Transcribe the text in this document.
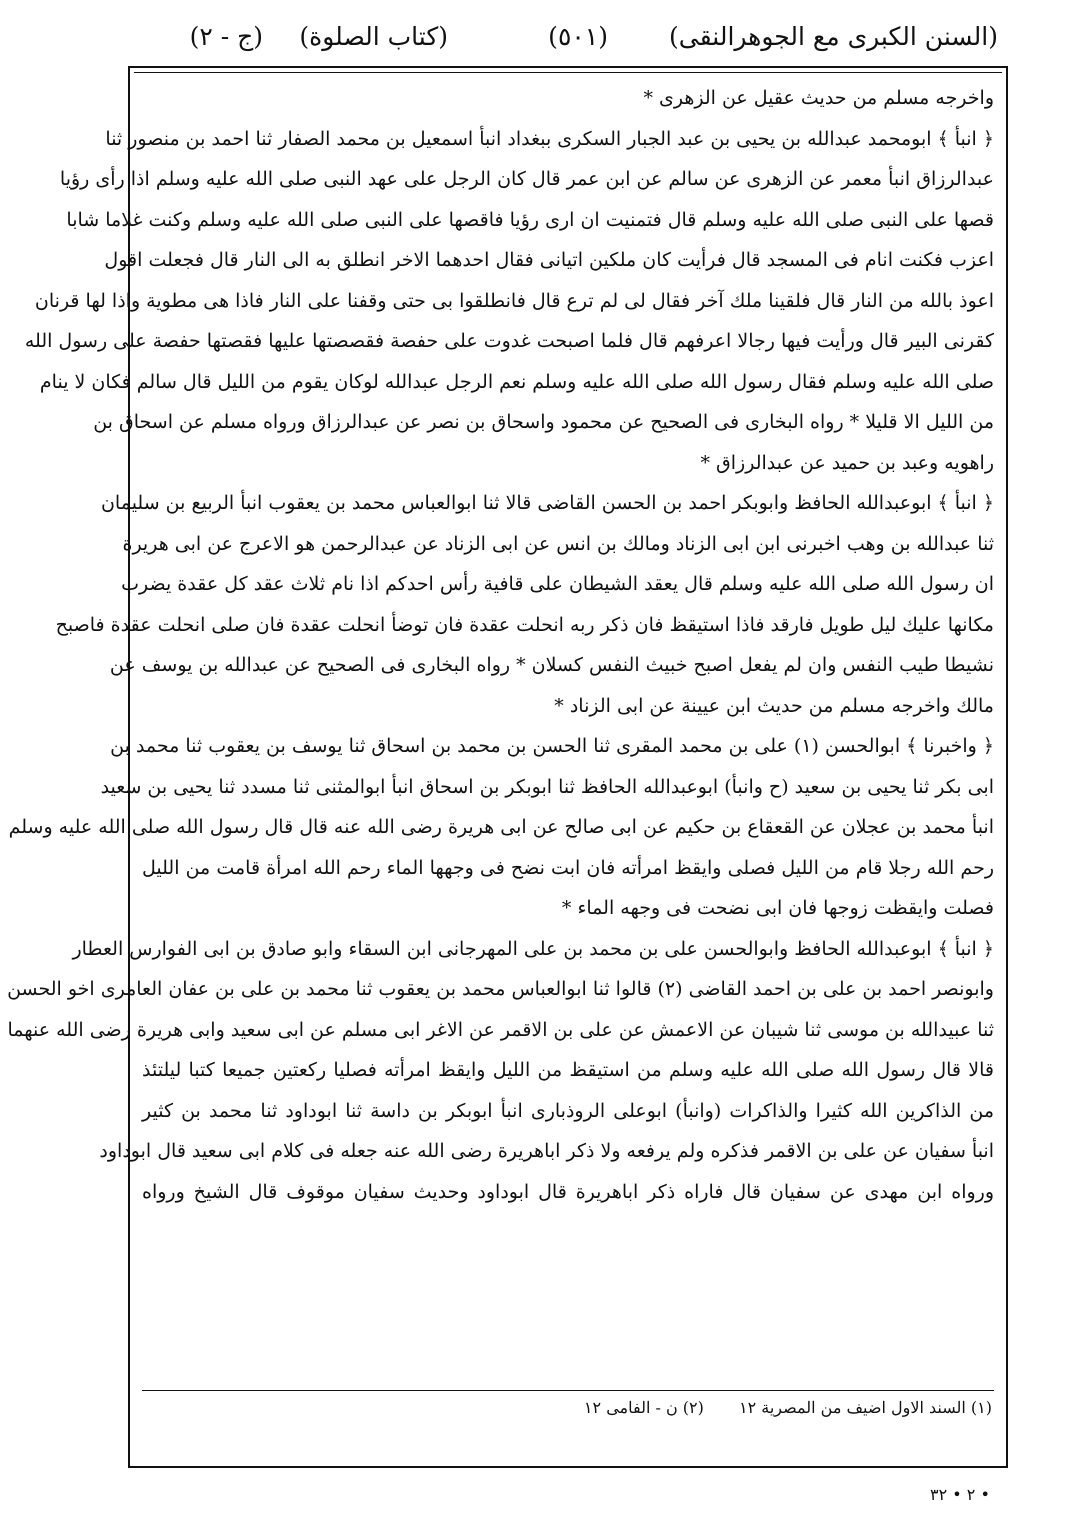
(السنن الكبرى مع الجوهرالنقى)
(٥٠١)
(كتاب الصلوة)
(ج - ٢)
واخرجه مسلم من حديث عقيل عن الزهرى *
﴿ انبأ ﴾ ابومحمد عبدالله بن يحيى بن عبد الجبار السكرى ببغداد انبأ اسمعيل بن محمد الصفار ثنا احمد بن منصور ثنا
عبدالرزاق انبأ معمر عن الزهرى عن سالم عن ابن عمر قال كان الرجل على عهد النبى صلى الله عليه وسلم اذا رأى رؤيا
قصها على النبى صلى الله عليه وسلم قال فتمنيت ان ارى رؤيا فاقصها على النبى صلى الله عليه وسلم وكنت غلاما شابا
اعزب فكنت انام فى المسجد قال فرأيت كان ملكين اتيانى فقال احدهما الاخر انطلق به الى النار قال فجعلت اقول
اعوذ بالله من النار قال فلقينا ملك آخر فقال لى لم ترع قال فانطلقوا بى حتى وقفنا على النار فاذا هى مطوية واذا لها قرنان
كقرنى البير قال ورأيت فيها رجالا اعرفهم قال فلما اصبحت غدوت على حفصة فقصصتها عليها فقصتها حفصة على رسول الله
صلى الله عليه وسلم فقال رسول الله صلى الله عليه وسلم نعم الرجل عبدالله لوكان يقوم من الليل قال سالم فكان لا ينام
من الليل الا قليلا * رواه البخارى فى الصحيح عن محمود واسحاق بن نصر عن عبدالرزاق ورواه مسلم عن اسحاق بن
راهويه وعبد بن حميد عن عبدالرزاق *
﴿ انبأ ﴾ ابوعبدالله الحافظ وابوبكر احمد بن الحسن القاضى قالا ثنا ابوالعباس محمد بن يعقوب انبأ الربيع بن سليمان
ثنا عبدالله بن وهب اخبرنى ابن ابى الزناد ومالك بن انس عن ابى الزناد عن عبدالرحمن هو الاعرج عن ابى هريرة
ان رسول الله صلى الله عليه وسلم قال يعقد الشيطان على قافية رأس احدكم اذا نام ثلاث عقد كل عقدة يضرب
مكانها عليك ليل طويل فارقد فاذا استيقظ فان ذكر ربه انحلت عقدة فان توضأ انحلت عقدة فان صلى انحلت عقدة فاصبح
نشيطا طيب النفس وان لم يفعل اصبح خبيث النفس كسلان * رواه البخارى فى الصحيح عن عبدالله بن يوسف عن
مالك واخرجه مسلم من حديث ابن عيينة عن ابى الزناد *
﴿ واخبرنا ﴾ ابوالحسن (١) على بن محمد المقرى ثنا الحسن بن محمد بن اسحاق ثنا يوسف بن يعقوب ثنا محمد بن
ابى بكر ثنا يحيى بن سعيد (ح وانبأ) ابوعبدالله الحافظ ثنا ابوبكر بن اسحاق انبأ ابوالمثنى ثنا مسدد ثنا يحيى بن سعيد
انبأ محمد بن عجلان عن القعقاع بن حكيم عن ابى صالح عن ابى هريرة رضى الله عنه قال قال رسول الله صلى الله عليه وسلم
رحم الله رجلا قام من الليل فصلى وايقظ امرأته فان ابت نضح فى وجهها الماء رحم الله امرأة قامت من الليل
فصلت وايقظت زوجها فان ابى نضحت فى وجهه الماء *
﴿ انبأ ﴾ ابوعبدالله الحافظ وابوالحسن على بن محمد بن على المهرجانى ابن السقاء وابو صادق بن ابى الفوارس العطار
وابونصر احمد بن على بن احمد القاضى (٢) قالوا ثنا ابوالعباس محمد بن يعقوب ثنا محمد بن على بن عفان العامرى اخو الحسن
ثنا عبيدالله بن موسى ثنا شيبان عن الاعمش عن على بن الاقمر عن الاغر ابى مسلم عن ابى سعيد وابى هريرة رضى الله عنهما
قالا قال رسول الله صلى الله عليه وسلم من استيقظ من الليل وايقظ امرأته فصليا ركعتين جميعا كتبا ليلتئذ
من الذاكرين الله كثيرا والذاكرات (وانبأ) ابوعلى الروذبارى انبأ ابوبكر بن داسة ثنا ابوداود ثنا محمد بن كثير
انبأ سفيان عن على بن الاقمر فذكره ولم يرفعه ولا ذكر اباهريرة رضى الله عنه جعله فى كلام ابى سعيد قال ابوداود
ورواه ابن مهدى عن سفيان قال فاراه ذكر اباهريرة قال ابوداود وحديث سفيان موقوف قال الشيخ ورواه
(١) السند الاول اضيف من المصرية ١٢ (٢) ن - الفامى ١٢
٢ • ٣٢ •
